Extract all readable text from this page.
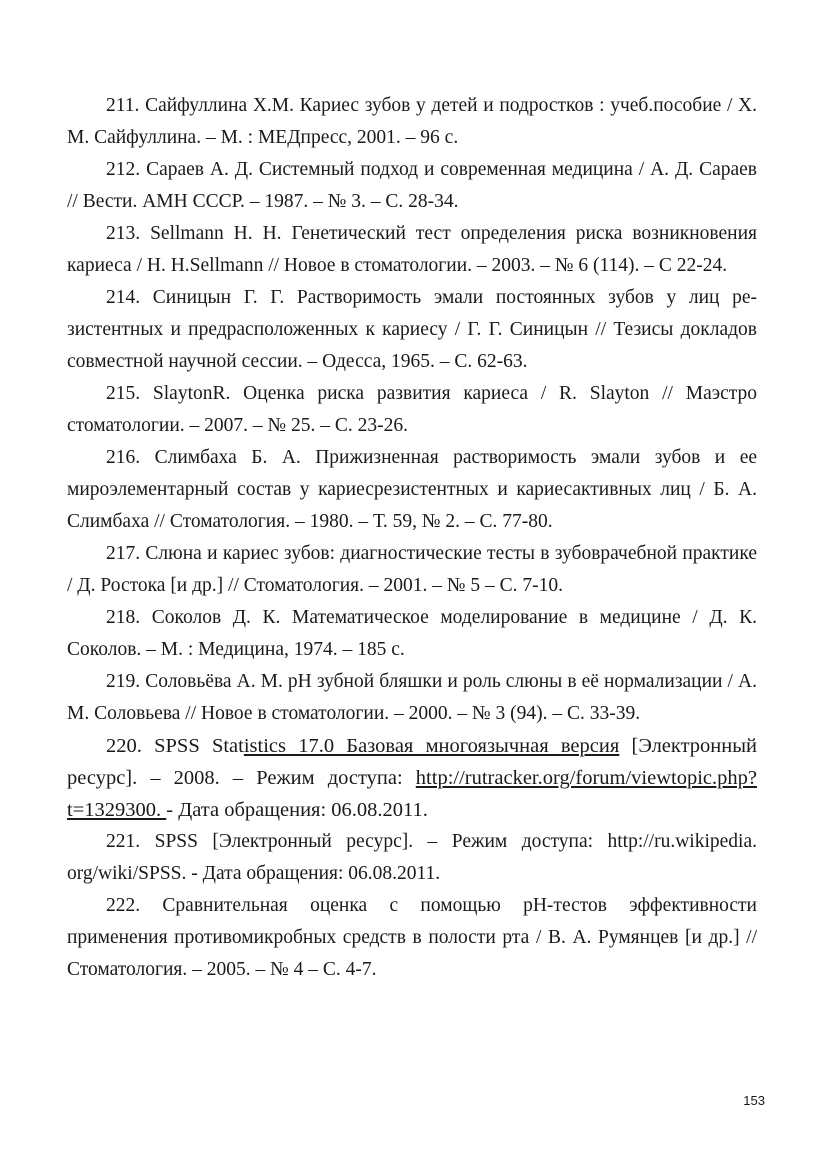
211. Сайфуллина Х.М. Кариес зубов у детей и подростков : учеб.пособие / Х. М. Сайфуллина. – М. : МЕДпресс, 2001. – 96 с.

212. Сараев А. Д. Системный подход и современная медицина / А. Д. Сараев // Вести. АМН СССР. – 1987. – № 3. – С. 28-34.

213. Sellmann Н. Н. Генетический тест определения риска возникновения кариеса / Н. Н.Sellmann // Новое в стоматологии. – 2003. – № 6 (114). – С 22-24.

214. Синицын Г. Г. Растворимость эмали постоянных зубов у лиц резистентных и предрасположенных к кариесу / Г. Г. Синицын // Тезисы докладов совместной научной сессии. – Одесса, 1965. – С. 62-63.

215. SlaytonR. Оценка риска развития кариеса / R. Slayton // Маэстро стоматологии. – 2007. – № 25. – С. 23-26.

216. Слимбаха Б. А. Прижизненная растворимость эмали зубов и ее мироэлементарный состав у кариесрезистентных и кариесактивных лиц / Б. А. Слимбаха // Стоматология. – 1980. – Т. 59, № 2. – С. 77-80.

217. Слюна и кариес зубов: диагностические тесты в зубоврачебной практике / Д. Ростока [и др.] // Стоматология. – 2001. – № 5 – С. 7-10.

218. Соколов Д. К. Математическое моделирование в медицине / Д. К. Соколов. – М. : Медицина, 1974. – 185 с.

219. Соловьёва А. М. рН зубной бляшки и роль слюны в её нормализации / А. М. Соловьева // Новое в стоматологии. – 2000. – № 3 (94). – С. 33-39.

220. SPSS Statistics 17.0 Базовая многоязычная версия [Электронный ресурс]. – 2008. – Режим доступа: http://rutracker.org/forum/viewtopic.php?t=1329300. - Дата обращения: 06.08.2011.

221. SPSS [Электронный ресурс]. – Режим доступа: http://ru.wikipedia. org/wiki/SPSS. - Дата обращения: 06.08.2011.

222. Сравнительная оценка с помощью рН-тестов эффективности применения противомикробных средств в полости рта / В. А. Румянцев [и др.] // Стоматология. – 2005. – № 4 – С. 4-7.

153
